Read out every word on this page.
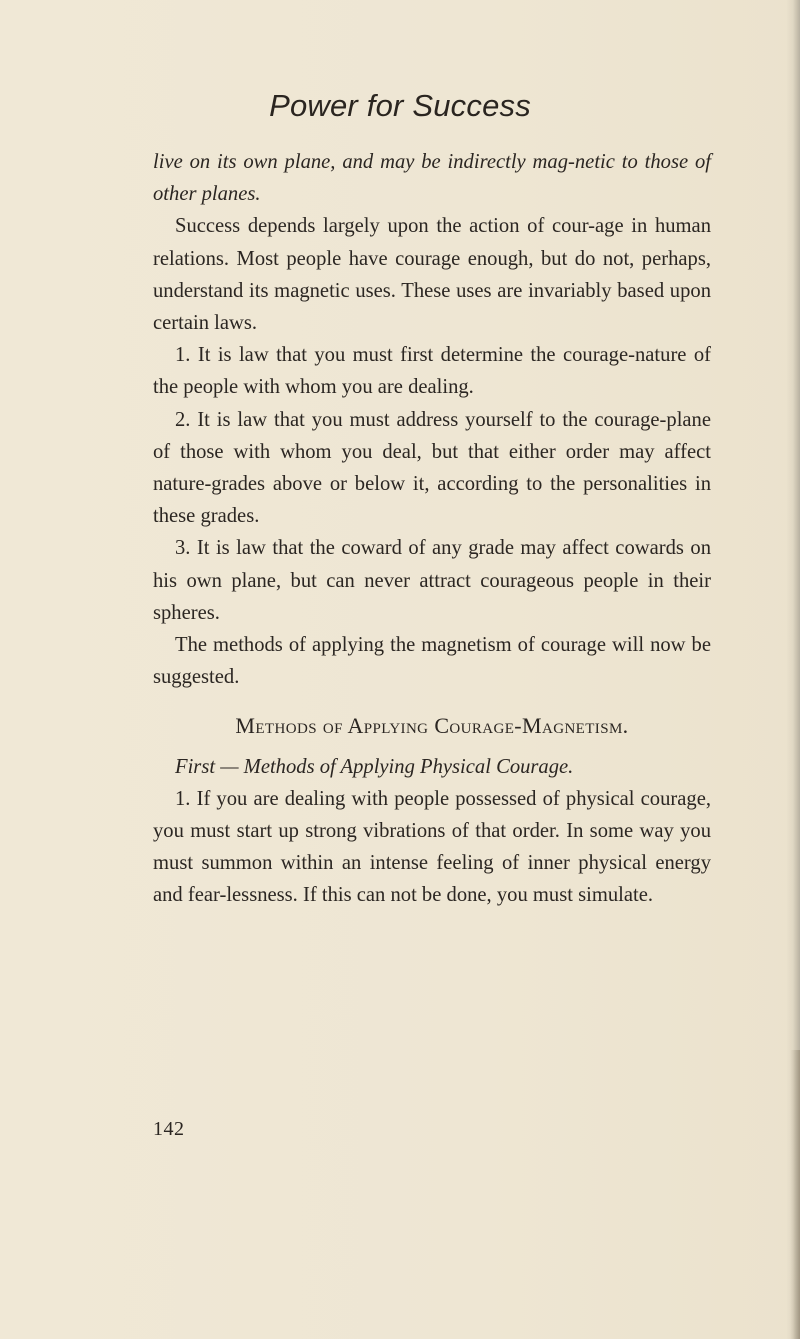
Power for Success

live on its own plane, and may be indirectly mag-netic to those of other planes.

Success depends largely upon the action of cour-age in human relations. Most people have courage enough, but do not, perhaps, understand its magnetic uses. These uses are invariably based upon certain laws.

1. It is law that you must first determine the courage-nature of the people with whom you are dealing.

2. It is law that you must address yourself to the courage-plane of those with whom you deal, but that either order may affect nature-grades above or below it, according to the personalities in these grades.

3. It is law that the coward of any grade may affect cowards on his own plane, but can never attract courageous people in their spheres.

The methods of applying the magnetism of courage will now be suggested.

Methods of Applying Courage-Magnetism.

First — Methods of Applying Physical Courage.

1. If you are dealing with people possessed of physical courage, you must start up strong vibrations of that order. In some way you must summon within an intense feeling of inner physical energy and fear-lessness. If this can not be done, you must simulate.

142
